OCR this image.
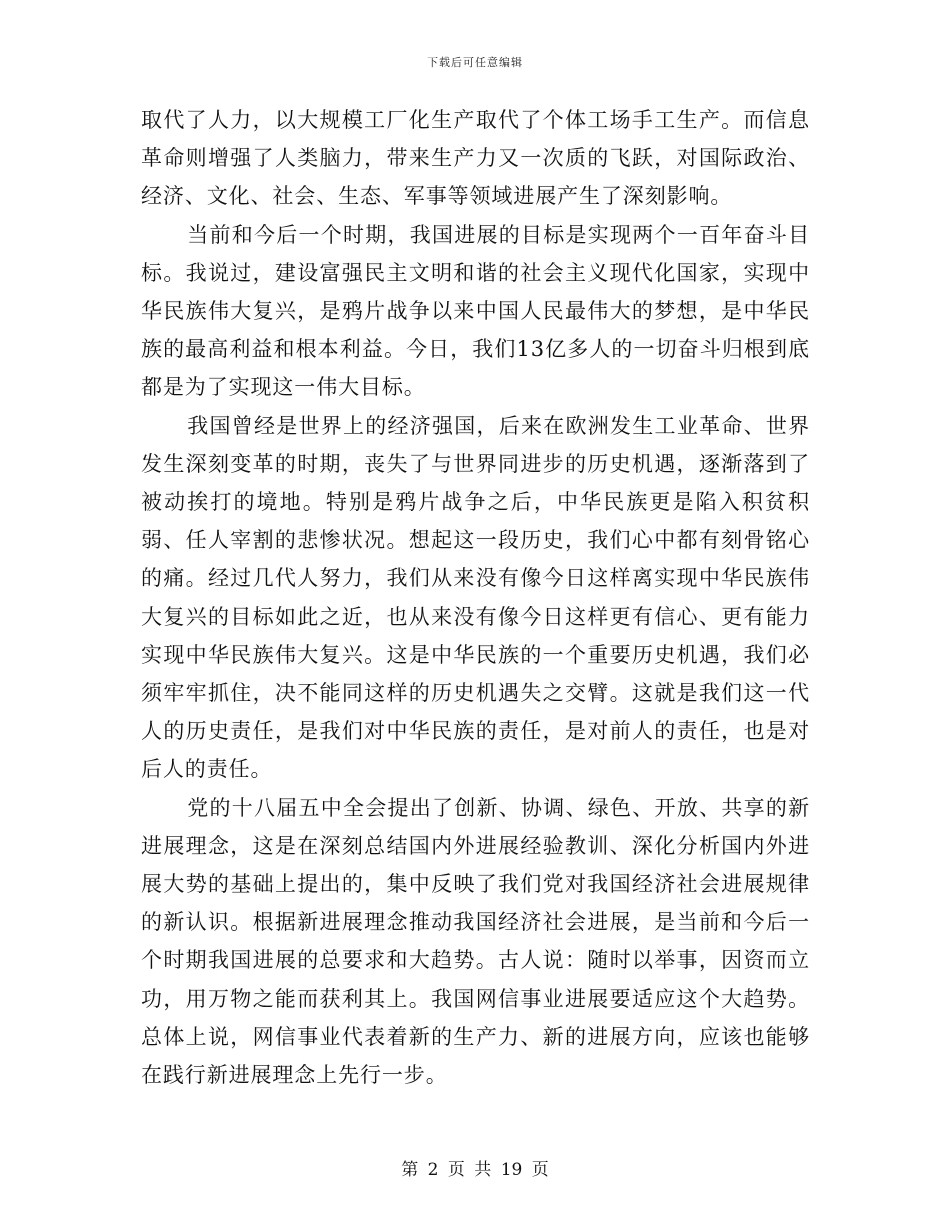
下载后可任意编辑

取代了人力，以大规模工厂化生产取代了个体工场手工生产。而信息革命则增强了人类脑力，带来生产力又一次质的飞跃，对国际政治、经济、文化、社会、生态、军事等领域进展产生了深刻影响。

当前和今后一个时期，我国进展的目标是实现两个一百年奋斗目标。我说过，建设富强民主文明和谐的社会主义现代化国家，实现中华民族伟大复兴，是鸦片战争以来中国人民最伟大的梦想，是中华民族的最高利益和根本利益。今日，我们13亿多人的一切奋斗归根到底都是为了实现这一伟大目标。

我国曾经是世界上的经济强国，后来在欧洲发生工业革命、世界发生深刻变革的时期，丧失了与世界同进步的历史机遇，逐渐落到了被动挨打的境地。特别是鸦片战争之后，中华民族更是陷入积贫积弱、任人宰割的悲惨状况。想起这一段历史，我们心中都有刻骨铭心的痛。经过几代人努力，我们从来没有像今日这样离实现中华民族伟大复兴的目标如此之近，也从来没有像今日这样更有信心、更有能力实现中华民族伟大复兴。这是中华民族的一个重要历史机遇，我们必须牢牢抓住，决不能同这样的历史机遇失之交臂。这就是我们这一代人的历史责任，是我们对中华民族的责任，是对前人的责任，也是对后人的责任。

党的十八届五中全会提出了创新、协调、绿色、开放、共享的新进展理念，这是在深刻总结国内外进展经验教训、深化分析国内外进展大势的基础上提出的，集中反映了我们党对我国经济社会进展规律的新认识。根据新进展理念推动我国经济社会进展，是当前和今后一个时期我国进展的总要求和大趋势。古人说：随时以举事，因资而立功，用万物之能而获利其上。我国网信事业进展要适应这个大趋势。总体上说，网信事业代表着新的生产力、新的进展方向，应该也能够在践行新进展理念上先行一步。

第 2 页 共 19 页
